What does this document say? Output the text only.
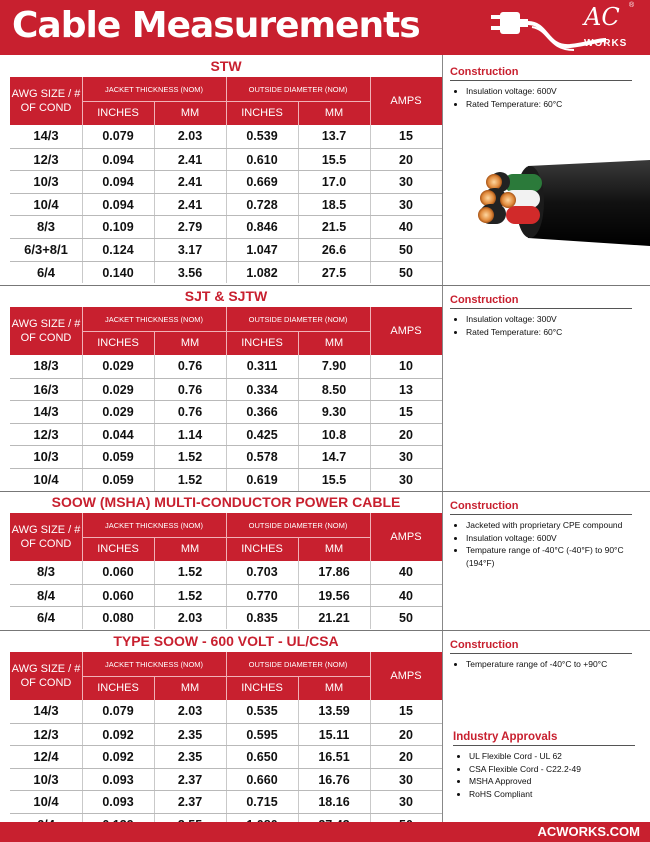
Cable Measurements	AC
WORKS
®
STW
AWG SIZE / # OF COND
JACKET THICKNESS (NOM)	OUTSIDE DIAMETER (NOM)
AMPS
INCHES	MM	INCHES	MM
14/3	0.079	2.03	0.539	13.7	15
12/3	0.094	2.41	0.610	15.5	20
10/3	0.094	2.41	0.669	17.0	30
10/4	0.094	2.41	0.728	18.5	30
8/3	0.109	2.79	0.846	21.5	40
6/3+8/1	0.124	3.17	1.047	26.6	50
6/4	0.140	3.56	1.082	27.5	50
SJT & SJTW
AWG SIZE / # OF COND
JACKET THICKNESS (NOM)	OUTSIDE DIAMETER (NOM)
AMPS
INCHES	MM	INCHES	MM
18/3	0.029	0.76	0.311	7.90	10
16/3	0.029	0.76	0.334	8.50	13
14/3	0.029	0.76	0.366	9.30	15
12/3	0.044	1.14	0.425	10.8	20
10/3	0.059	1.52	0.578	14.7	30
10/4	0.059	1.52	0.619	15.5	30
SOOW (MSHA) MULTI-CONDUCTOR POWER CABLE
AWG SIZE / # OF COND
JACKET THICKNESS (NOM)	OUTSIDE DIAMETER (NOM)
AMPS
INCHES	MM	INCHES	MM
8/3	0.060	1.52	0.703	17.86	40
8/4	0.060	1.52	0.770	19.56	40
6/4	0.080	2.03	0.835	21.21	50
TYPE SOOW - 600 VOLT - UL/CSA
AWG SIZE / # OF COND
JACKET THICKNESS (NOM)	OUTSIDE DIAMETER (NOM)
AMPS
INCHES	MM	INCHES	MM
14/3	0.079	2.03	0.535	13.59	15
12/3	0.092	2.35	0.595	15.11	20
12/4	0.092	2.35	0.650	16.51	20
10/3	0.093	2.37	0.660	16.76	30
10/4	0.093	2.37	0.715	18.16	30
Construction
• Insulation voltage: 600V
• Rated Temperature: 60°C
Construction
• Insulation voltage: 300V
• Rated Temperature: 60°C
Construction
• Jacketed with proprietary CPE compound
• Insulation voltage: 600V
• Tempature range of -40°C (-40°F) to 90°C (194°F)
Construction
• Temperature range of -40°C to +90°C
Industry Approvals
• UL Flexible Cord - UL 62
• CSA Flexible Cord - C22.2-49
• MSHA Approved
• RoHS Compliant
ACWORKS.COM
